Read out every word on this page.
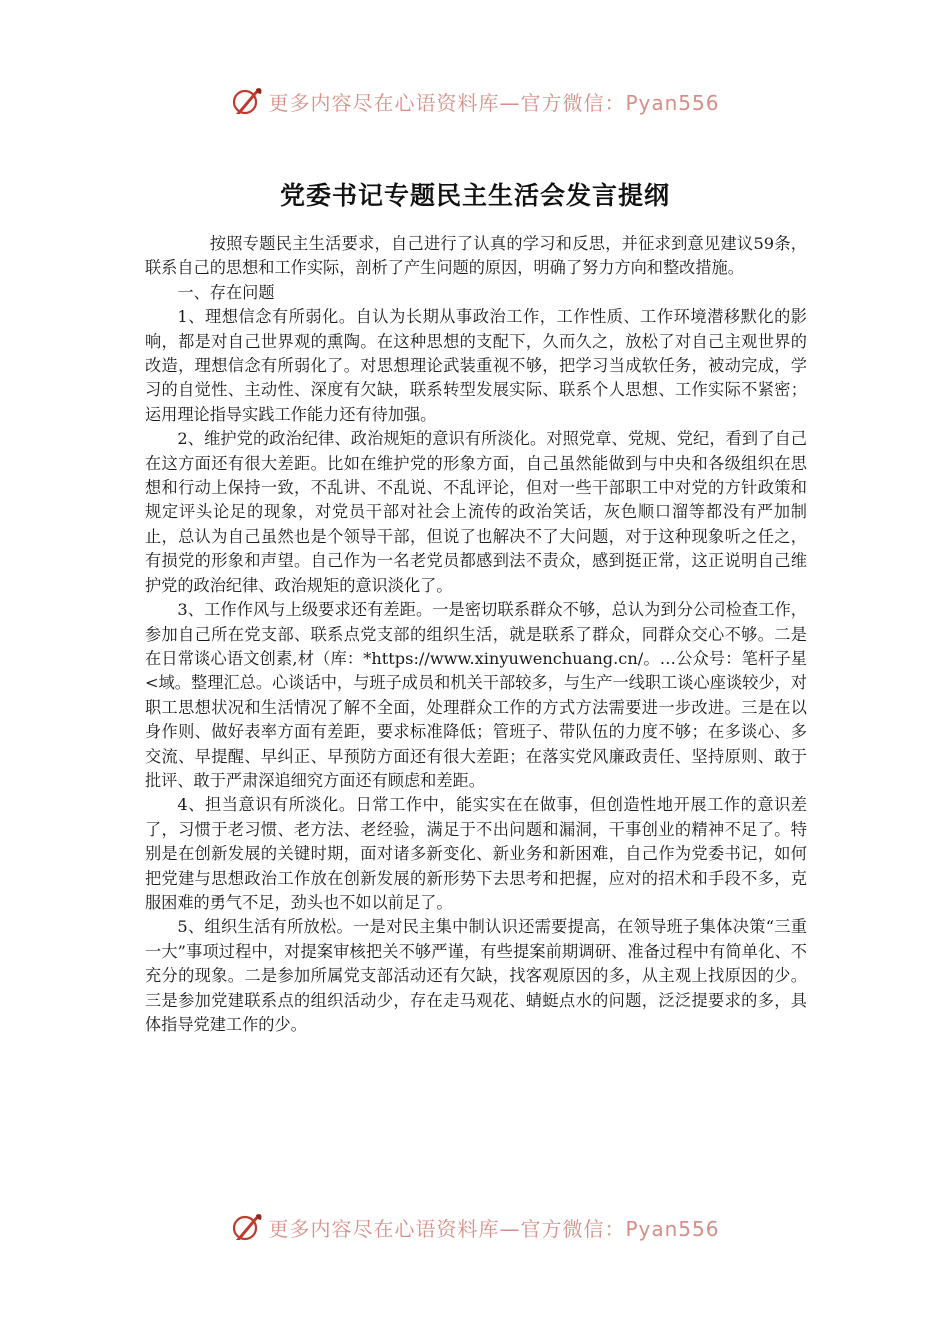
更多内容尽在心语资料库—官方微信：Pyan556
党委书记专题民主生活会发言提纲

按照专题民主生活要求，自己进行了认真的学习和反思，并征求到意见建议59条，联系自己的思想和工作实际，剖析了产生问题的原因，明确了努力方向和整改措施。

一、存在问题

1、理想信念有所弱化。自认为长期从事政治工作，工作性质、工作环境潜移默化的影响，都是对自己世界观的熏陶。在这种思想的支配下，久而久之，放松了对自己主观世界的改造，理想信念有所弱化了。对思想理论武装重视不够，把学习当成软任务，被动完成，学习的自觉性、主动性、深度有欠缺，联系转型发展实际、联系个人思想、工作实际不紧密；运用理论指导实践工作能力还有待加强。

2、维护党的政治纪律、政治规矩的意识有所淡化。对照党章、党规、党纪，看到了自己在这方面还有很大差距。比如在维护党的形象方面，自己虽然能做到与中央和各级组织在思想和行动上保持一致，不乱讲、不乱说、不乱评论，但对一些干部职工中对党的方针政策和规定评头论足的现象，对党员干部对社会上流传的政治笑话，灰色顺口溜等都没有严加制止，总认为自己虽然也是个领导干部，但说了也解决不了大问题，对于这种现象听之任之，有损党的形象和声望。自己作为一名老党员都感到法不责众，感到挺正常，这正说明自己维护党的政治纪律、政治规矩的意识淡化了。

3、工作作风与上级要求还有差距。一是密切联系群众不够，总认为到分公司检查工作，参加自己所在党支部、联系点党支部的组织生活，就是联系了群众，同群众交心不够。二是在日常谈心语文创素,材（库：*https://www.xinyuwenchuang.cn/。…公众号：笔杆子星<域。整理汇总。心谈话中，与班子成员和机关干部较多，与生产一线职工谈心座谈较少，对职工思想状况和生活情况了解不全面，处理群众工作的方式方法需要进一步改进。三是在以身作则、做好表率方面有差距，要求标准降低；管班子、带队伍的力度不够；在多谈心、多交流、早提醒、早纠正、早预防方面还有很大差距；在落实党风廉政责任、坚持原则、敢于批评、敢于严肃深追细究方面还有顾虑和差距。

4、担当意识有所淡化。日常工作中，能实实在在做事，但创造性地开展工作的意识差了，习惯于老习惯、老方法、老经验，满足于不出问题和漏洞，干事创业的精神不足了。特别是在创新发展的关键时期，面对诸多新变化、新业务和新困难，自己作为党委书记，如何把党建与思想政治工作放在创新发展的新形势下去思考和把握，应对的招术和手段不多，克服困难的勇气不足，劲头也不如以前足了。

5、组织生活有所放松。一是对民主集中制认识还需要提高，在领导班子集体决策“三重一大”事项过程中，对提案审核把关不够严谨，有些提案前期调研、准备过程中有简单化、不充分的现象。二是参加所属党支部活动还有欠缺，找客观原因的多，从主观上找原因的少。三是参加党建联系点的组织活动少，存在走马观花、蜻蜓点水的问题，泛泛提要求的多，具体指导党建工作的少。

更多内容尽在心语资料库—官方微信：Pyan556
